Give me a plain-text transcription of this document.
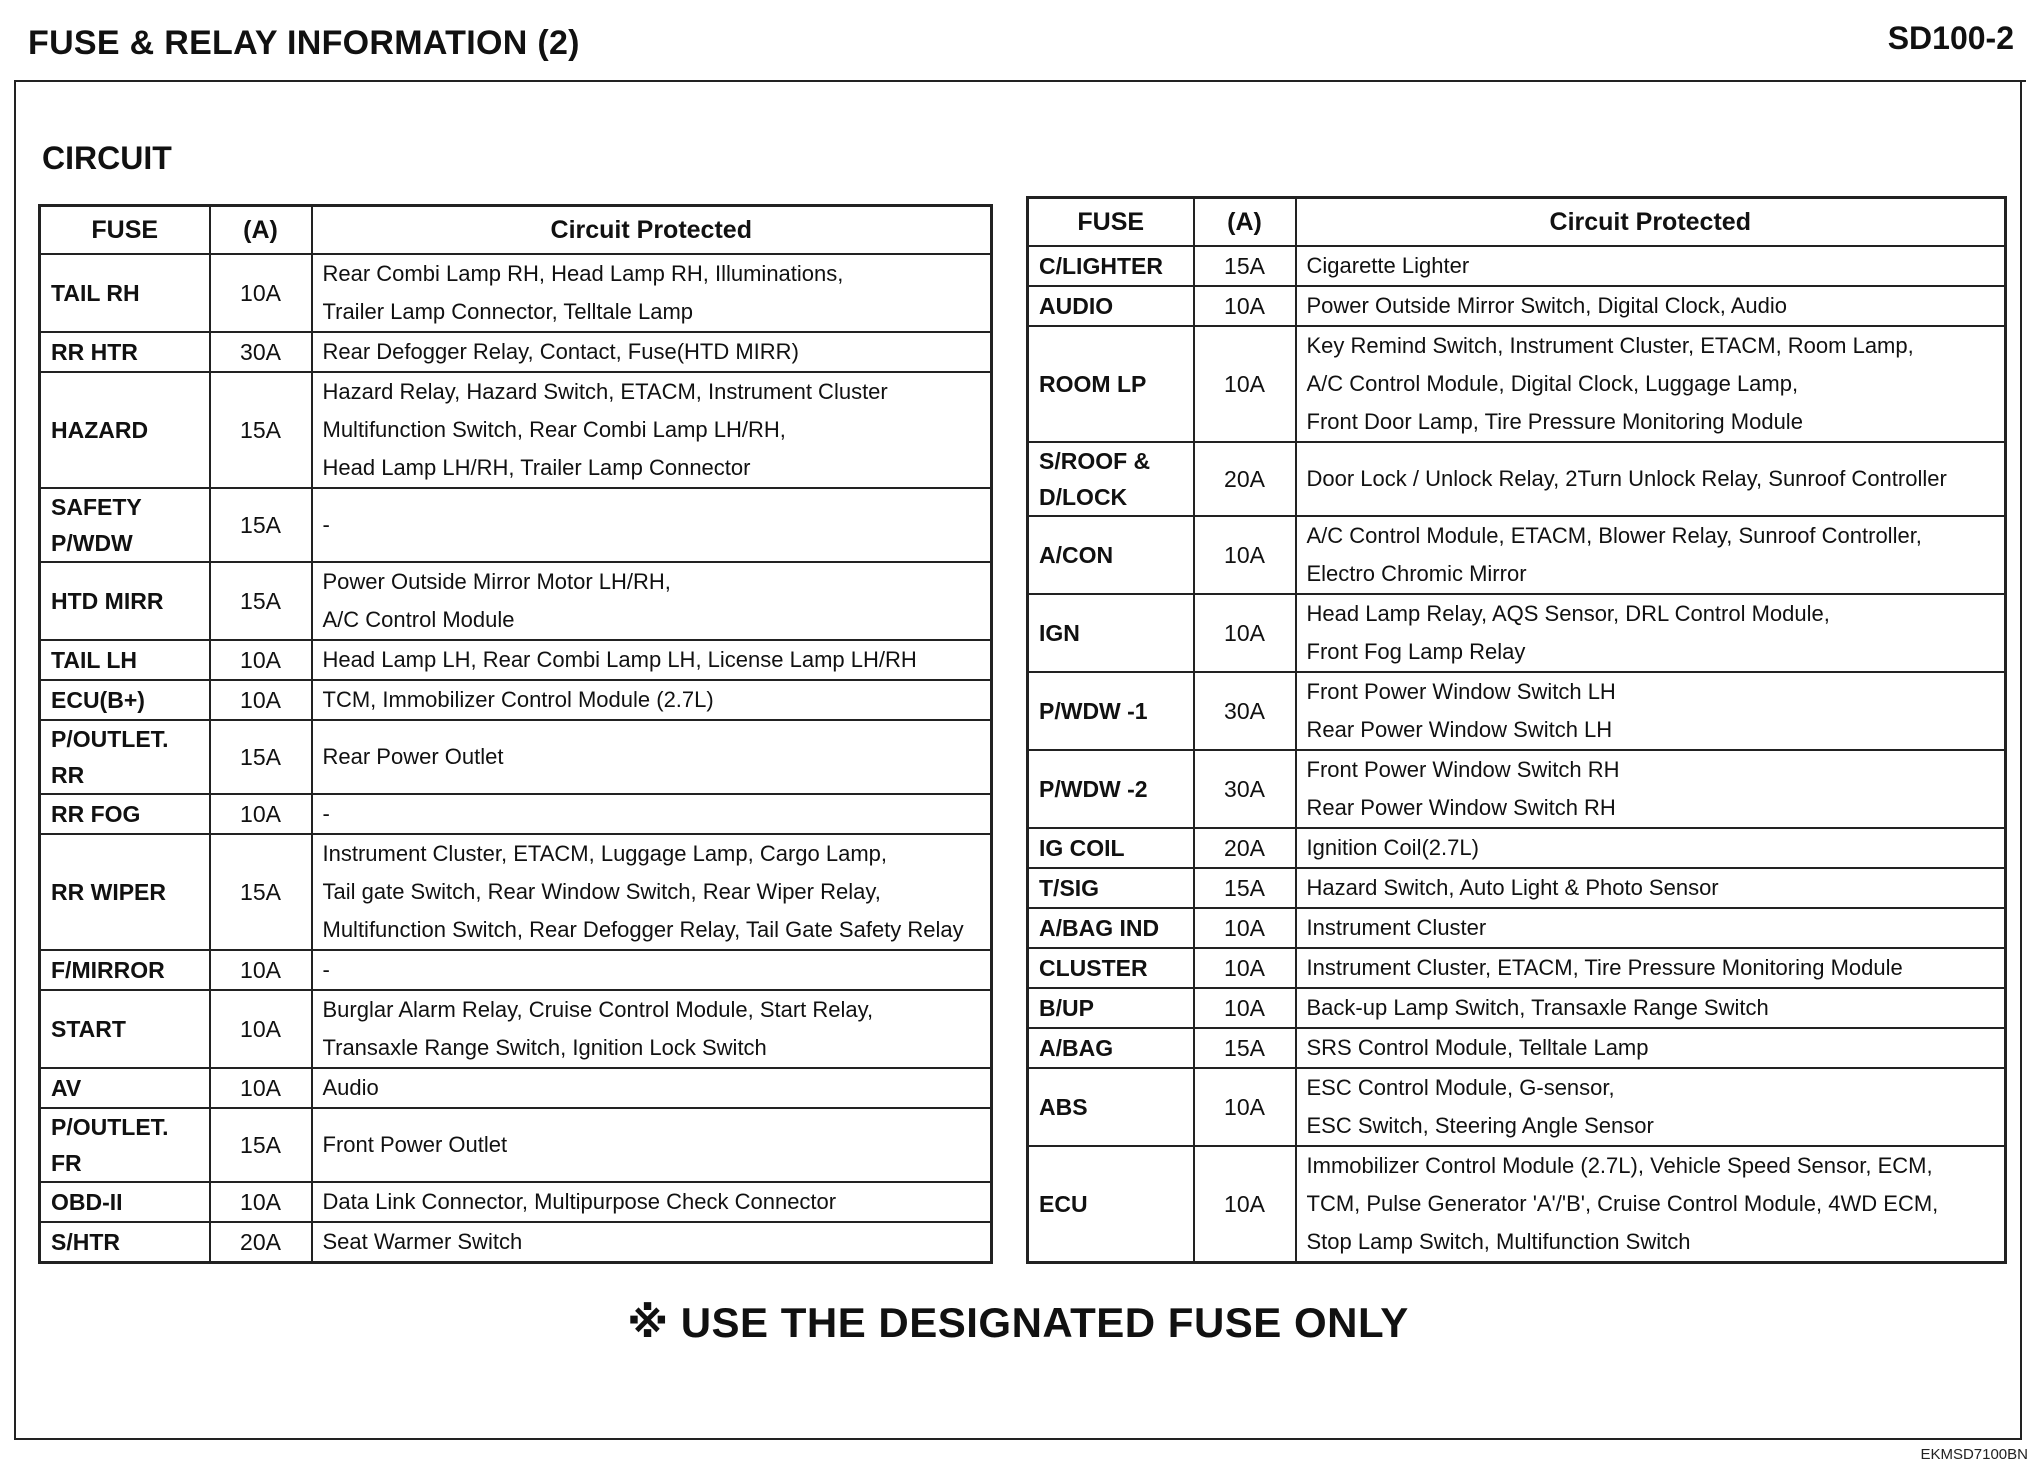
FUSE & RELAY INFORMATION (2)	SD100-2
CIRCUIT
FUSE	(A)	Circuit Protected
TAIL RH	10A	Rear Combi Lamp RH, Head Lamp RH, Illuminations,
Trailer Lamp Connector, Telltale Lamp

RR HTR	30A	Rear Defogger Relay, Contact, Fuse(HTD MIRR)

HAZARD	15A	Hazard Relay, Hazard Switch, ETACM, Instrument Cluster
Multifunction Switch, Rear Combi Lamp LH/RH,
Head Lamp LH/RH, Trailer Lamp Connector

SAFETY P/WDW	15A	-

HTD MIRR	15A	Power Outside Mirror Motor LH/RH,
A/C Control Module

TAIL LH	10A	Head Lamp LH, Rear Combi Lamp LH, License Lamp LH/RH

ECU(B+)	10A	TCM, Immobilizer Control Module (2.7L)

P/OUTLET. RR	15A	Rear Power Outlet

RR FOG	10A	-

RR WIPER	15A	Instrument Cluster, ETACM, Luggage Lamp, Cargo Lamp,
Tail gate Switch, Rear Window Switch, Rear Wiper Relay,
Multifunction Switch, Rear Defogger Relay, Tail Gate Safety Relay

F/MIRROR	10A	-

START	10A	Burglar Alarm Relay, Cruise Control Module, Start Relay,
Transaxle Range Switch, Ignition Lock Switch

AV	10A	Audio

P/OUTLET. FR	15A	Front Power Outlet

OBD-II	10A	Data Link Connector, Multipurpose Check Connector

S/HTR	20A	Seat Warmer Switch
FUSE	(A)	Circuit Protected
C/LIGHTER	15A	Cigarette Lighter

AUDIO	10A	Power Outside Mirror Switch, Digital Clock, Audio

ROOM LP	10A	Key Remind Switch, Instrument Cluster, ETACM, Room Lamp,
A/C Control Module, Digital Clock, Luggage Lamp,
Front Door Lamp, Tire Pressure Monitoring Module

S/ROOF & D/LOCK	20A	Door Lock / Unlock Relay, 2Turn Unlock Relay, Sunroof Controller

A/CON	10A	A/C Control Module, ETACM, Blower Relay, Sunroof Controller,
Electro Chromic Mirror

IGN	10A	Head Lamp Relay, AQS Sensor, DRL Control Module,
Front Fog Lamp Relay

P/WDW -1	30A	Front Power Window Switch LH
Rear Power Window Switch LH

P/WDW -2	30A	Front Power Window Switch RH
Rear Power Window Switch RH

IG COIL	20A	Ignition Coil(2.7L)

T/SIG	15A	Hazard Switch, Auto Light & Photo Sensor

A/BAG IND	10A	Instrument Cluster

CLUSTER	10A	Instrument Cluster, ETACM, Tire Pressure Monitoring Module

B/UP	10A	Back-up Lamp Switch, Transaxle Range Switch

A/BAG	15A	SRS Control Module, Telltale Lamp

ABS	10A	ESC Control Module, G-sensor,
ESC Switch, Steering Angle Sensor

ECU	10A	Immobilizer Control Module (2.7L), Vehicle Speed Sensor, ECM,
TCM, Pulse Generator 'A'/'B', Cruise Control Module, 4WD ECM,
Stop Lamp Switch, Multifunction Switch
※ USE THE DESIGNATED FUSE ONLY
EKMSD7100BN
